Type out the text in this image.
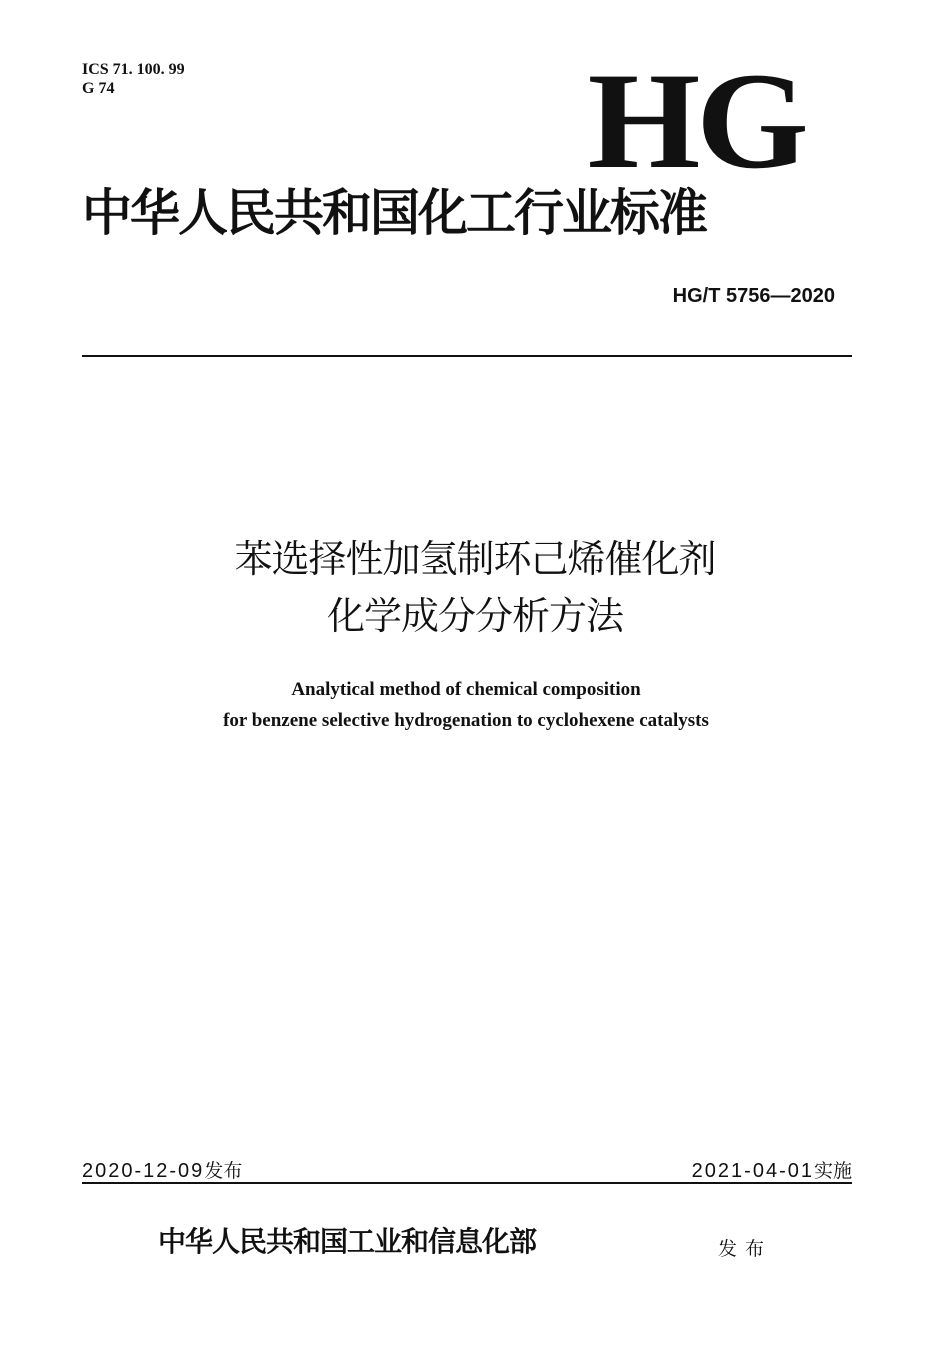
ICS 71. 100. 99
G 74	HG
中华人民共和国化工行业标准
HG/T 5756—2020
苯选择性加氢制环己烯催化剂
化学成分分析方法
Analytical method of chemical composition
for benzene selective hydrogenation to cyclohexene catalysts
2020-12-09发布	2021-04-01实施
中华人民共和国工业和信息化部	发布
